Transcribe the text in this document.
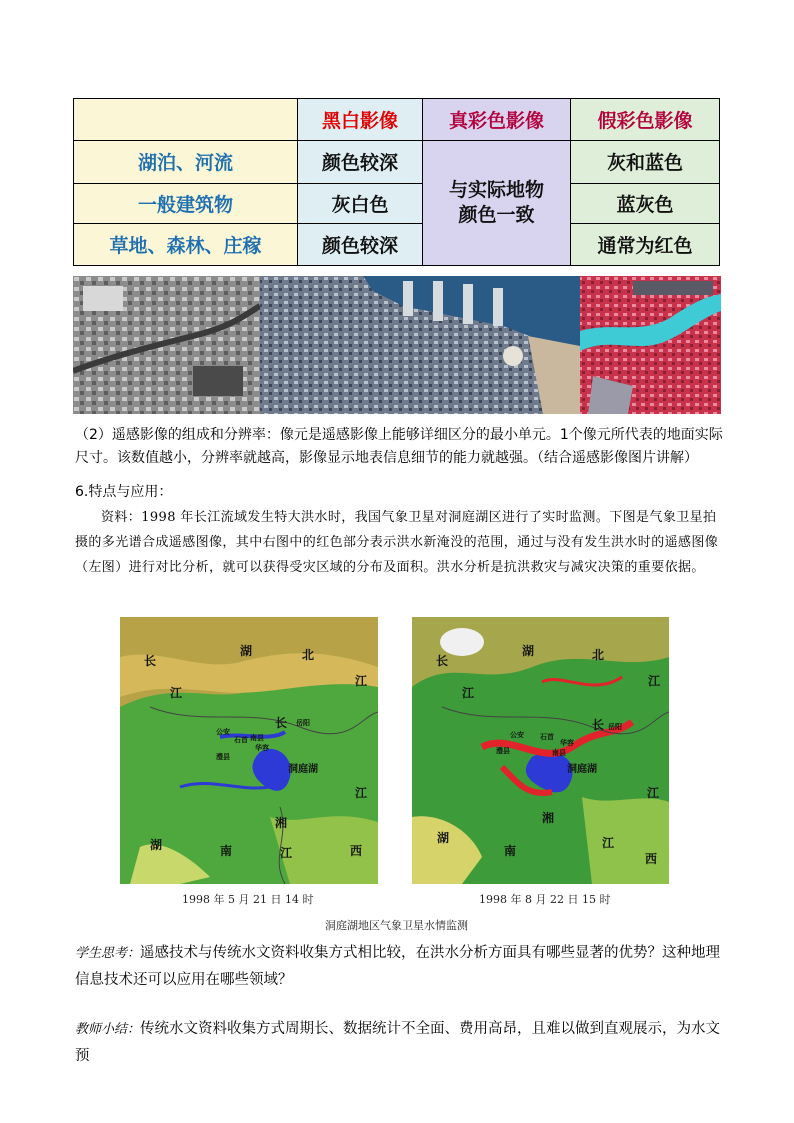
	黑白影像	真彩色影像	假彩色影像
湖泊、河流	颜色较深	与实际地物颜色一致	灰和蓝色
一般建筑物	灰白色		蓝灰色
草地、森林、庄稼	颜色较深		通常为红色
（2）遥感影像的组成和分辨率：像元是遥感影像上能够详细区分的最小单元。1个像元所代表的地面实际尺寸。该数值越小，分辨率就越高，影像显示地表信息细节的能力就越强。（结合遥感影像图片讲解）
6.特点与应用：
资料：1998 年长江流域发生特大洪水时，我国气象卫星对洞庭湖区进行了实时监测。下图是气象卫星拍摄的多光谱合成遥感图像，其中右图中的红色部分表示洪水新淹没的范围，通过与没有发生洪水时的遥感图像（左图）进行对比分析，就可以获得受灾区域的分布及面积。洪水分析是抗洪救灾与减灾决策的重要依据。
长
湖	北
江
江
长
公安
石首
华容
岳阳
南县
澧县
洞庭湖
江
湘
湖	南	江	西
长
湖	北
江
江
长
公安 石首
华容
岳阳
南县
澧县
洞庭湖
江
湘
湖
南
江
西
1998 年 5 月 21 日 14 时	1998 年 8 月 22 日 15 时
洞庭湖地区气象卫星水情监测
学生思考：遥感技术与传统水文资料收集方式相比较，在洪水分析方面具有哪些显著的优势？这种地理信息技术还可以应用在哪些领域？
教师小结：传统水文资料收集方式周期长、数据统计不全面、费用高昂，且难以做到直观展示，为水文预
